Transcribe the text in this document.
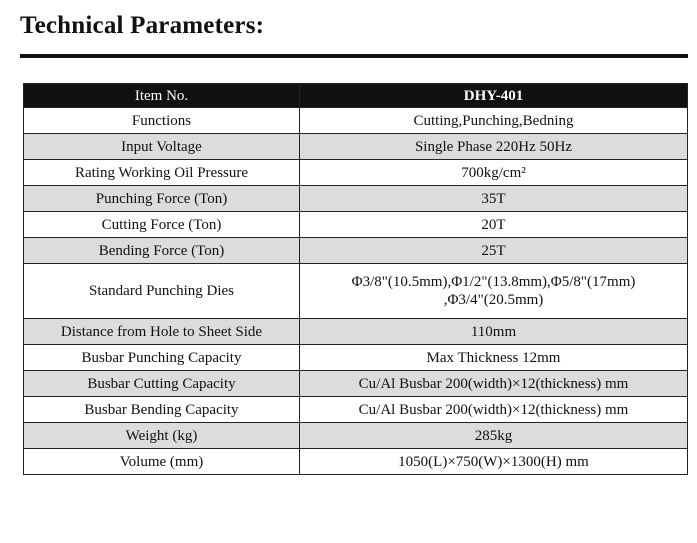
Technical Parameters:
Item No.	DHY-401
Functions	Cutting,Punching,Bedning
Input Voltage	Single Phase 220Hz 50Hz
Rating Working Oil Pressure	700kg/cm²
Punching Force (Ton)	35T
Cutting Force (Ton)	20T
Bending Force (Ton)	25T
Standard Punching Dies	Φ3/8"(10.5mm),Φ1/2"(13.8mm),Φ5/8"(17mm)
,Φ3/4"(20.5mm)
Distance from Hole to Sheet Side	110mm
Busbar Punching Capacity	Max Thickness 12mm
Busbar Cutting Capacity	Cu/Al Busbar 200(width)×12(thickness) mm
Busbar Bending Capacity	Cu/Al Busbar 200(width)×12(thickness) mm
Weight (kg)	285kg
Volume (mm)	1050(L)×750(W)×1300(H) mm
